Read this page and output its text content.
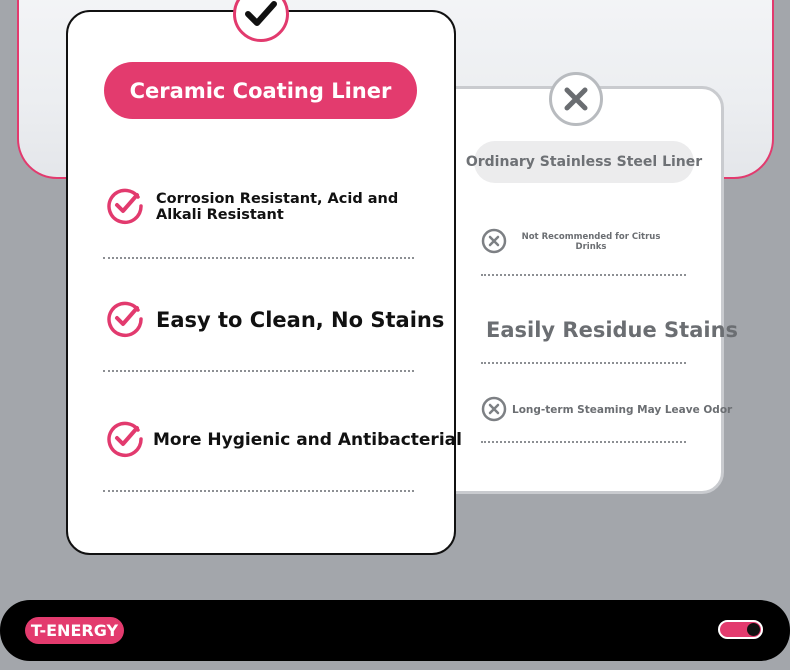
Ordinary Stainless Steel Liner
Not Recommended for Citrus Drinks
Easily Residue Stains
Long-term Steaming May Leave Odor
Ceramic Coating Liner
Corrosion Resistant, Acid and Alkali Resistant
Easy to Clean, No Stains
More Hygienic and Antibacterial
T-ENERGY
